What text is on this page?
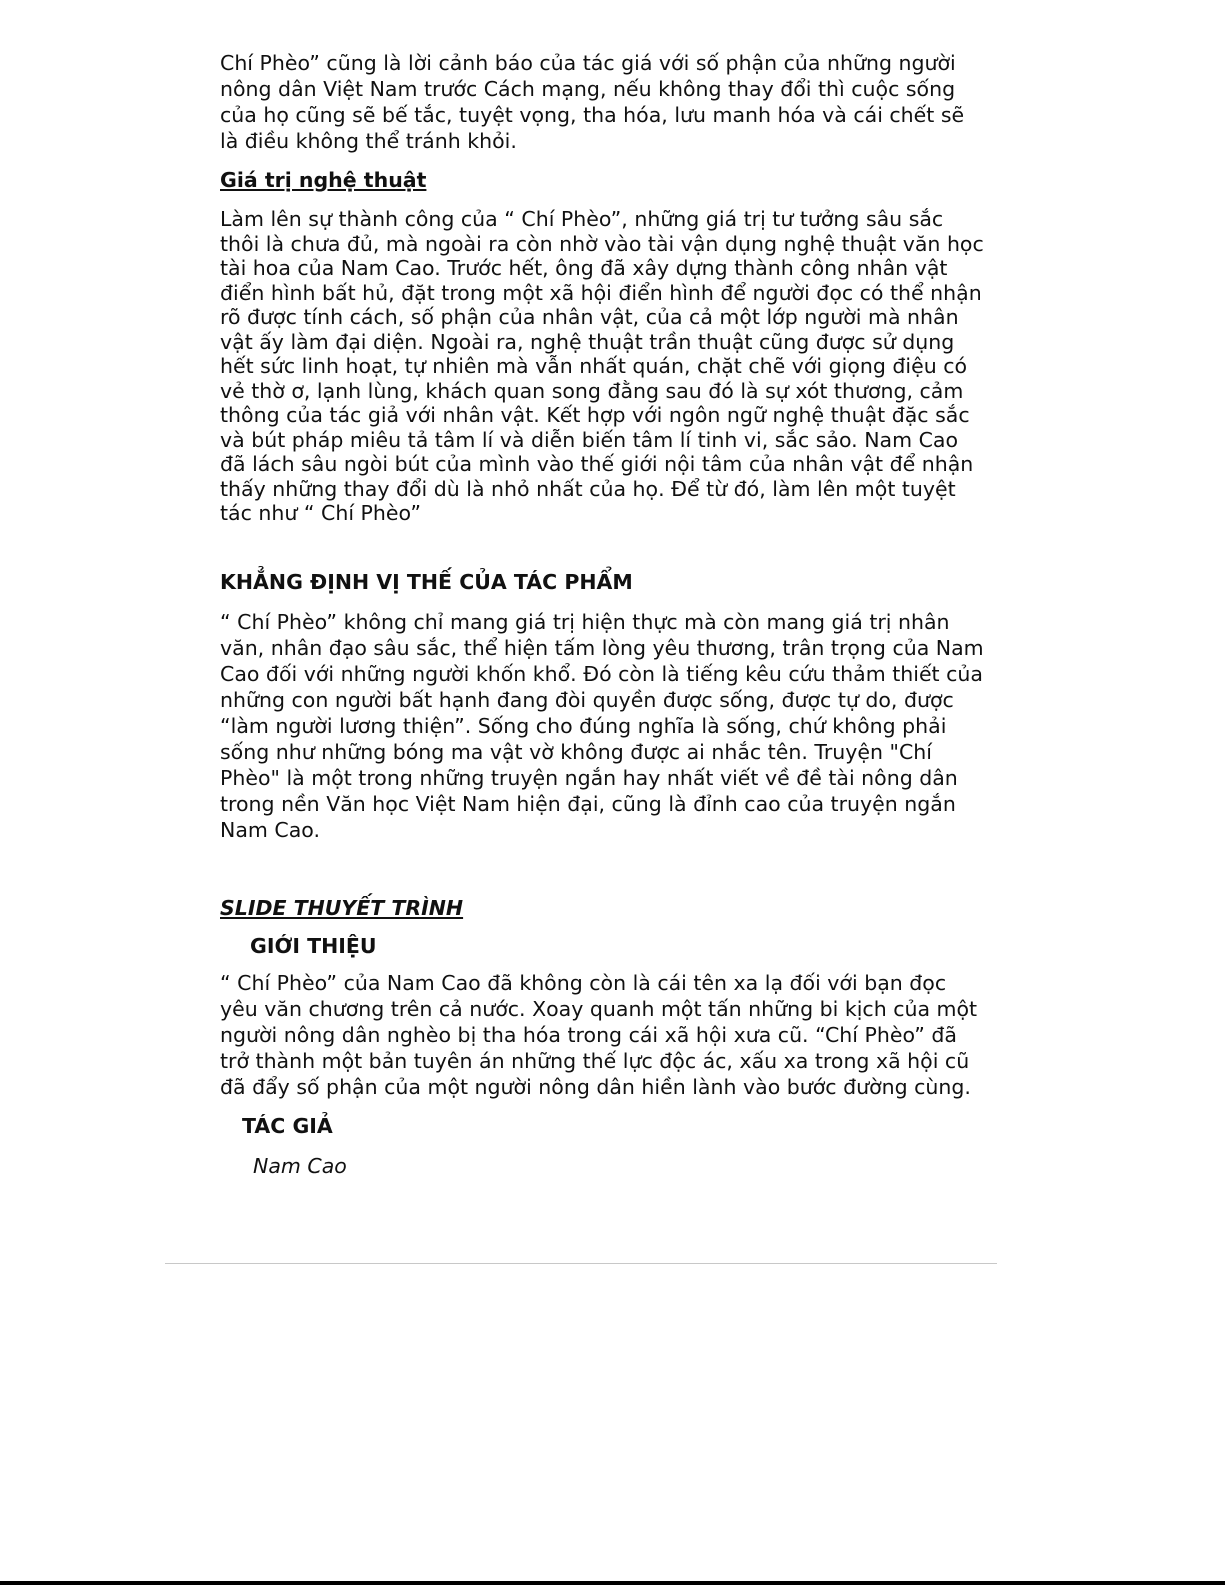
Chí Phèo” cũng là lời cảnh báo của tác giá với số phận của những người
nông dân Việt Nam trước Cách mạng, nếu không thay đổi thì cuộc sống
của họ cũng sẽ bế tắc, tuyệt vọng, tha hóa, lưu manh hóa và cái chết sẽ
là điều không thể tránh khỏi.

Giá trị nghệ thuật

Làm lên sự thành công của “ Chí Phèo”, những giá trị tư tưởng sâu sắc
thôi là chưa đủ, mà ngoài ra còn nhờ vào tài vận dụng nghệ thuật văn học
tài hoa của Nam Cao. Trước hết, ông đã xây dựng thành công nhân vật
điển hình bất hủ, đặt trong một xã hội điển hình để người đọc có thể nhận
rõ được tính cách, số phận của nhân vật, của cả một lớp người mà nhân
vật ấy làm đại diện. Ngoài ra, nghệ thuật trần thuật cũng được sử dụng
hết sức linh hoạt, tự nhiên mà vẫn nhất quán, chặt chẽ với giọng điệu có
vẻ thờ ơ, lạnh lùng, khách quan song đằng sau đó là sự xót thương, cảm
thông của tác giả với nhân vật. Kết hợp với ngôn ngữ nghệ thuật đặc sắc
và bút pháp miêu tả tâm lí và diễn biến tâm lí tinh vi, sắc sảo. Nam Cao
đã lách sâu ngòi bút của mình vào thế giới nội tâm của nhân vật để nhận
thấy những thay đổi dù là nhỏ nhất của họ. Để từ đó, làm lên một tuyệt
tác như “ Chí Phèo”

KHẲNG ĐỊNH VỊ THẾ CỦA TÁC PHẨM

“ Chí Phèo” không chỉ mang giá trị hiện thực mà còn mang giá trị nhân
văn, nhân đạo sâu sắc, thể hiện tấm lòng yêu thương, trân trọng của Nam
Cao đối với những người khốn khổ. Đó còn là tiếng kêu cứu thảm thiết của
những con người bất hạnh đang đòi quyền được sống, được tự do, được
“làm người lương thiện”. Sống cho đúng nghĩa là sống, chứ không phải
sống như những bóng ma vật vờ không được ai nhắc tên. Truyện "Chí
Phèo" là một trong những truyện ngắn hay nhất viết về đề tài nông dân
trong nền Văn học Việt Nam hiện đại, cũng là đỉnh cao của truyện ngắn
Nam Cao.

SLIDE THUYẾT TRÌNH

GIỚI THIỆU

“ Chí Phèo” của Nam Cao đã không còn là cái tên xa lạ đối với bạn đọc
yêu văn chương trên cả nước. Xoay quanh một tấn những bi kịch của một
người nông dân nghèo bị tha hóa trong cái xã hội xưa cũ. “Chí Phèo” đã
trở thành một bản tuyên án những thế lực độc ác, xấu xa trong xã hội cũ
đã đẩy số phận của một người nông dân hiền lành vào bước đường cùng.

TÁC GIẢ

Nam Cao
